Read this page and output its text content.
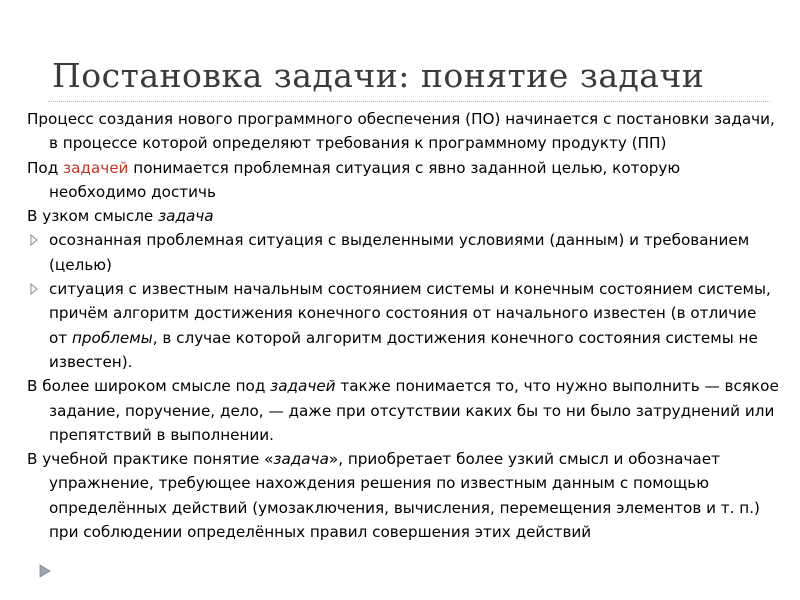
Постановка задачи: понятие задачи

Процесс создания нового программного обеспечения (ПО) начинается с постановки задачи, в процессе которой определяют требования к программному продукту (ПП)

Под задачей понимается проблемная ситуация с явно заданной целью, которую необходимо достичь

В узком смысле задача

осознанная проблемная ситуация с выделенными условиями (данным) и требованием (целью)
ситуация с известным начальным состоянием системы и конечным состоянием системы, причём алгоритм достижения конечного состояния от начального известен (в отличие от проблемы, в случае которой алгоритм достижения конечного состояния системы не известен).

В более широком смысле под задачей также понимается то, что нужно выполнить — всякое задание, поручение, дело, — даже при отсутствии каких бы то ни было затруднений или препятствий в выполнении.

В учебной практике понятие «задача», приобретает более узкий смысл и обозначает упражнение, требующее нахождения решения по известным данным с помощью определённых действий (умозаключения, вычисления, перемещения элементов и т. п.) при соблюдении определённых правил совершения этих действий
